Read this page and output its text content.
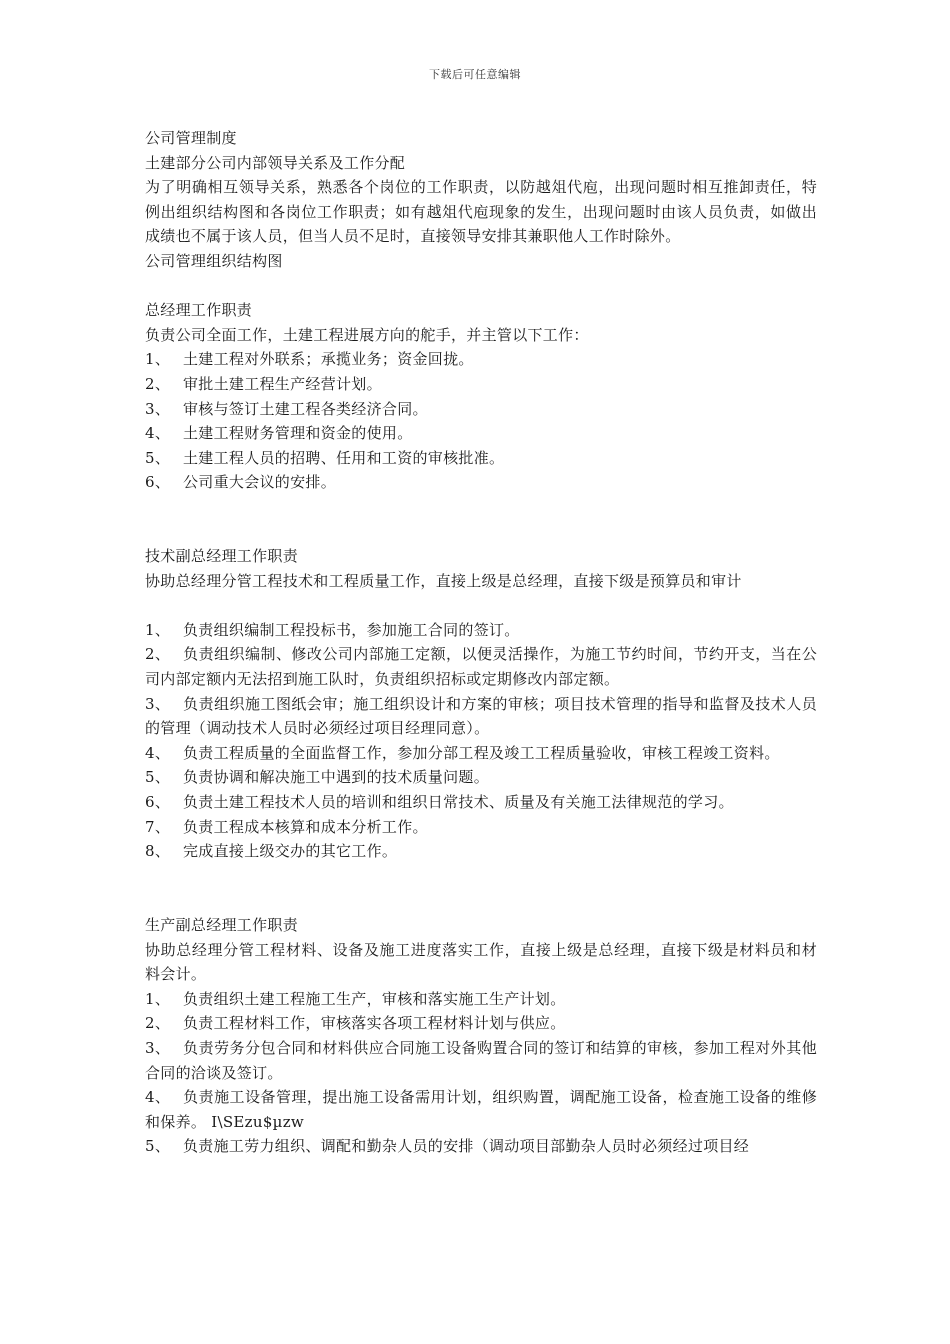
下载后可任意编辑

公司管理制度

土建部分公司内部领导关系及工作分配

为了明确相互领导关系，熟悉各个岗位的工作职责，以防越俎代庖，出现问题时相互推卸责任，特例出组织结构图和各岗位工作职责；如有越俎代庖现象的发生，出现问题时由该人员负责，如做出成绩也不属于该人员，但当人员不足时，直接领导安排其兼职他人工作时除外。

公司管理组织结构图

总经理工作职责

负责公司全面工作，土建工程进展方向的舵手，并主管以下工作：

1、 土建工程对外联系；承揽业务；资金回拢。

2、 审批土建工程生产经营计划。

3、 审核与签订土建工程各类经济合同。

4、 土建工程财务管理和资金的使用。

5、 土建工程人员的招聘、任用和工资的审核批准。

6、 公司重大会议的安排。

技术副总经理工作职责

协助总经理分管工程技术和工程质量工作，直接上级是总经理，直接下级是预算员和审计

1、 负责组织编制工程投标书，参加施工合同的签订。

2、 负责组织编制、修改公司内部施工定额，以便灵活操作，为施工节约时间，节约开支，当在公司内部定额内无法招到施工队时，负责组织招标或定期修改内部定额。

3、 负责组织施工图纸会审；施工组织设计和方案的审核；项目技术管理的指导和监督及技术人员的管理（调动技术人员时必须经过项目经理同意）。

4、 负责工程质量的全面监督工作，参加分部工程及竣工工程质量验收，审核工程竣工资料。

5、 负责协调和解决施工中遇到的技术质量问题。

6、 负责土建工程技术人员的培训和组织日常技术、质量及有关施工法律规范的学习。

7、 负责工程成本核算和成本分析工作。

8、 完成直接上级交办的其它工作。

生产副总经理工作职责

协助总经理分管工程材料、设备及施工进度落实工作，直接上级是总经理，直接下级是材料员和材料会计。

1、 负责组织土建工程施工生产，审核和落实施工生产计划。

2、 负责工程材料工作，审核落实各项工程材料计划与供应。

3、 负责劳务分包合同和材料供应合同施工设备购置合同的签订和结算的审核，参加工程对外其他合同的洽谈及签订。

4、 负责施工设备管理，提出施工设备需用计划，组织购置，调配施工设备，检查施工设备的维修和保养。 I\SEzu$µzw

5、 负责施工劳力组织、调配和勤杂人员的安排（调动项目部勤杂人员时必须经过项目经
